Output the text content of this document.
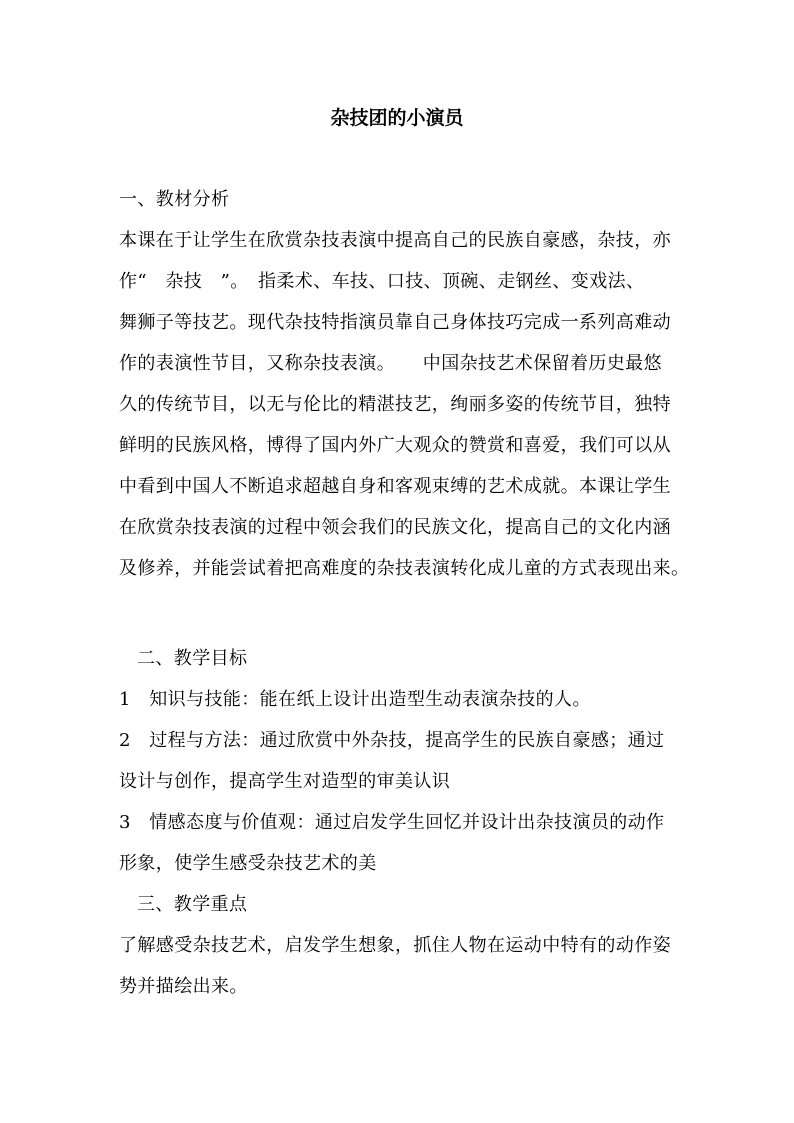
杂技团的小演员
一、教材分析
本课在于让学生在欣赏杂技表演中提高自己的民族自豪感，杂技，亦
作“　杂技　”。　指柔术、车技、口技、顶碗、走钢丝、变戏法、
舞狮子等技艺。现代杂技特指演员靠自己身体技巧完成一系列高难动
作的表演性节目，又称杂技表演。　　中国杂技艺术保留着历史最悠
久的传统节目，以无与伦比的精湛技艺，绚丽多姿的传统节目，独特
鲜明的民族风格，博得了国内外广大观众的赞赏和喜爱，我们可以从
中看到中国人不断追求超越自身和客观束缚的艺术成就。本课让学生
在欣赏杂技表演的过程中领会我们的民族文化，提高自己的文化内涵
及修养，并能尝试着把高难度的杂技表演转化成儿童的方式表现出来。
二、教学目标
1　知识与技能：能在纸上设计出造型生动表演杂技的人。
2　过程与方法：通过欣赏中外杂技，提高学生的民族自豪感；通过
设计与创作，提高学生对造型的审美认识
3　情感态度与价值观：通过启发学生回忆并设计出杂技演员的动作
形象，使学生感受杂技艺术的美
三、教学重点
了解感受杂技艺术，启发学生想象，抓住人物在运动中特有的动作姿
势并描绘出来。
